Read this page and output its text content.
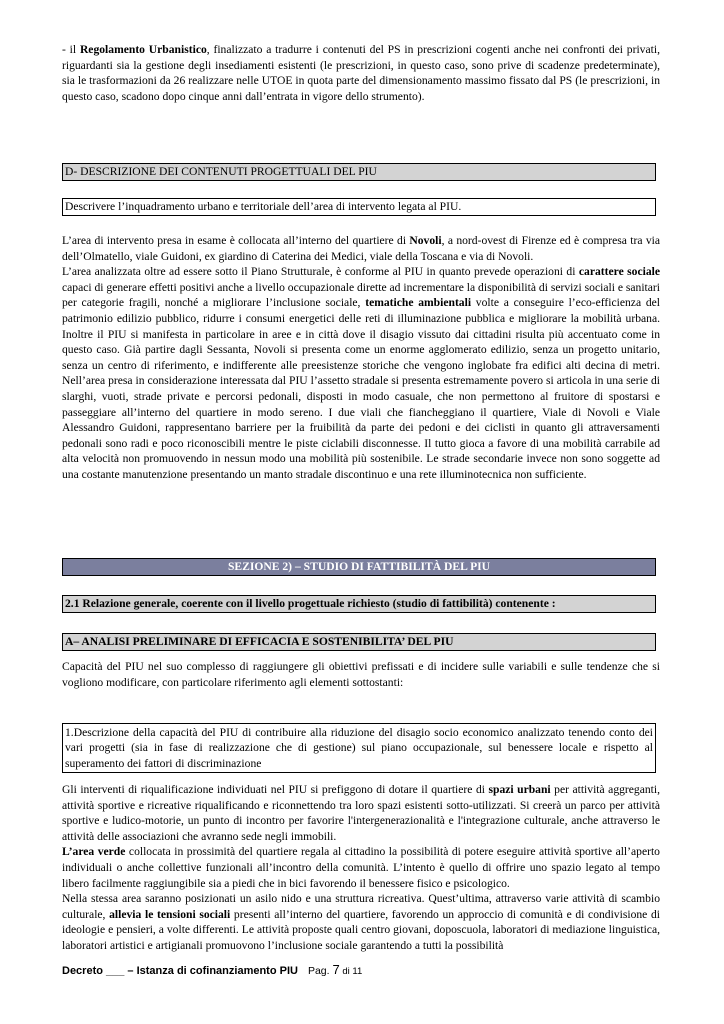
- il Regolamento Urbanistico, finalizzato a tradurre i contenuti del PS in prescrizioni cogenti anche nei confronti dei privati, riguardanti sia la gestione degli insediamenti esistenti (le prescrizioni, in questo caso, sono prive di scadenze predeterminate), sia le trasformazioni da 26 realizzare nelle UTOE in quota parte del dimensionamento massimo fissato dal PS (le prescrizioni, in questo caso, scadono dopo cinque anni dall’entrata in vigore dello strumento).

D- DESCRIZIONE DEI CONTENUTI PROGETTUALI DEL PIU
Descrivere l’inquadramento urbano e territoriale dell’area di intervento legata al PIU.

L’area di intervento presa in esame è collocata all’interno del quartiere di Novoli, a nord-ovest di Firenze ed è compresa tra via dell’Olmatello, viale Guidoni, ex giardino di Caterina dei Medici, viale della Toscana e via di Novoli.

L’area analizzata oltre ad essere sotto il Piano Strutturale, è conforme al PIU in quanto prevede operazioni di carattere sociale capaci di generare effetti positivi anche a livello occupazionale dirette ad incrementare la disponibilità di servizi sociali e sanitari per categorie fragili, nonché a migliorare l’inclusione sociale, tematiche ambientali volte a conseguire l’eco-efficienza del patrimonio edilizio pubblico, ridurre i consumi energetici delle reti di illuminazione pubblica e migliorare la mobilità urbana. Inoltre il PIU si manifesta in particolare in aree e in città dove il disagio vissuto dai cittadini risulta più accentuato come in questo caso. Già partire dagli Sessanta, Novoli si presenta come un enorme agglomerato edilizio, senza un progetto unitario, senza un centro di riferimento, e indifferente alle preesistenze storiche che vengono inglobate fra edifici alti decina di metri. Nell’area presa in considerazione interessata dal PIU l’assetto stradale si presenta estremamente povero si articola in una serie di slarghi, vuoti, strade private e percorsi pedonali, disposti in modo casuale, che non permettono al fruitore di spostarsi e passeggiare all’interno del quartiere in modo sereno. I due viali che fiancheggiano il quartiere, Viale di Novoli e Viale Alessandro Guidoni, rappresentano barriere per la fruibilità da parte dei pedoni e dei ciclisti in quanto gli attraversamenti pedonali sono radi e poco riconoscibili mentre le piste ciclabili disconnesse. Il tutto gioca a favore di una mobilità carrabile ad alta velocità non promuovendo in nessun modo una mobilità più sostenibile. Le strade secondarie invece non sono soggette ad una costante manutenzione presentando un manto stradale discontinuo e una rete illuminotecnica non sufficiente.

SEZIONE 2) – STUDIO DI FATTIBILITÀ DEL PIU
2.1 Relazione generale, coerente con il livello progettuale richiesto (studio di fattibilità) contenente :
A– ANALISI PRELIMINARE DI EFFICACIA E SOSTENIBILITA’ DEL PIU

Capacità del PIU nel suo complesso di raggiungere gli obiettivi prefissati e di incidere sulle variabili e sulle tendenze che si vogliono modificare, con particolare riferimento agli elementi sottostanti:

1.Descrizione della capacità del PIU di contribuire alla riduzione del disagio socio economico analizzato tenendo conto dei vari progetti (sia in fase di realizzazione che di gestione) sul piano occupazionale, sul benessere locale e rispetto al superamento dei fattori di discriminazione

Gli interventi di riqualificazione individuati nel PIU si prefiggono di dotare il quartiere di spazi urbani per attività aggreganti, attività sportive e ricreative riqualificando e riconnettendo tra loro spazi esistenti sotto-utilizzati. Si creerà un parco per attività sportive e ludico-motorie, un punto di incontro per favorire l'intergenerazionalità e l'integrazione culturale, anche attraverso le attività delle associazioni che avranno sede negli immobili.

L’area verde collocata in prossimità del quartiere regala al cittadino la possibilità di potere eseguire attività sportive all’aperto individuali o anche collettive funzionali all’incontro della comunità. L’intento è quello di offrire uno spazio legato al tempo libero facilmente raggiungibile sia a piedi che in bici favorendo il benessere fisico e psicologico.

Nella stessa area saranno posizionati un asilo nido e una struttura ricreativa. Quest’ultima, attraverso varie attività di scambio culturale, allevia le tensioni sociali presenti all’interno del quartiere, favorendo un approccio di comunità e di condivisione di ideologie e pensieri, a volte differenti. Le attività proposte quali centro giovani, doposcuola, laboratori di mediazione linguistica, laboratori artistici e artigianali promuovono l’inclusione sociale garantendo a tutti la possibilità

Decreto ___ – Istanza di cofinanziamento PIU Pag. 7 di 11
